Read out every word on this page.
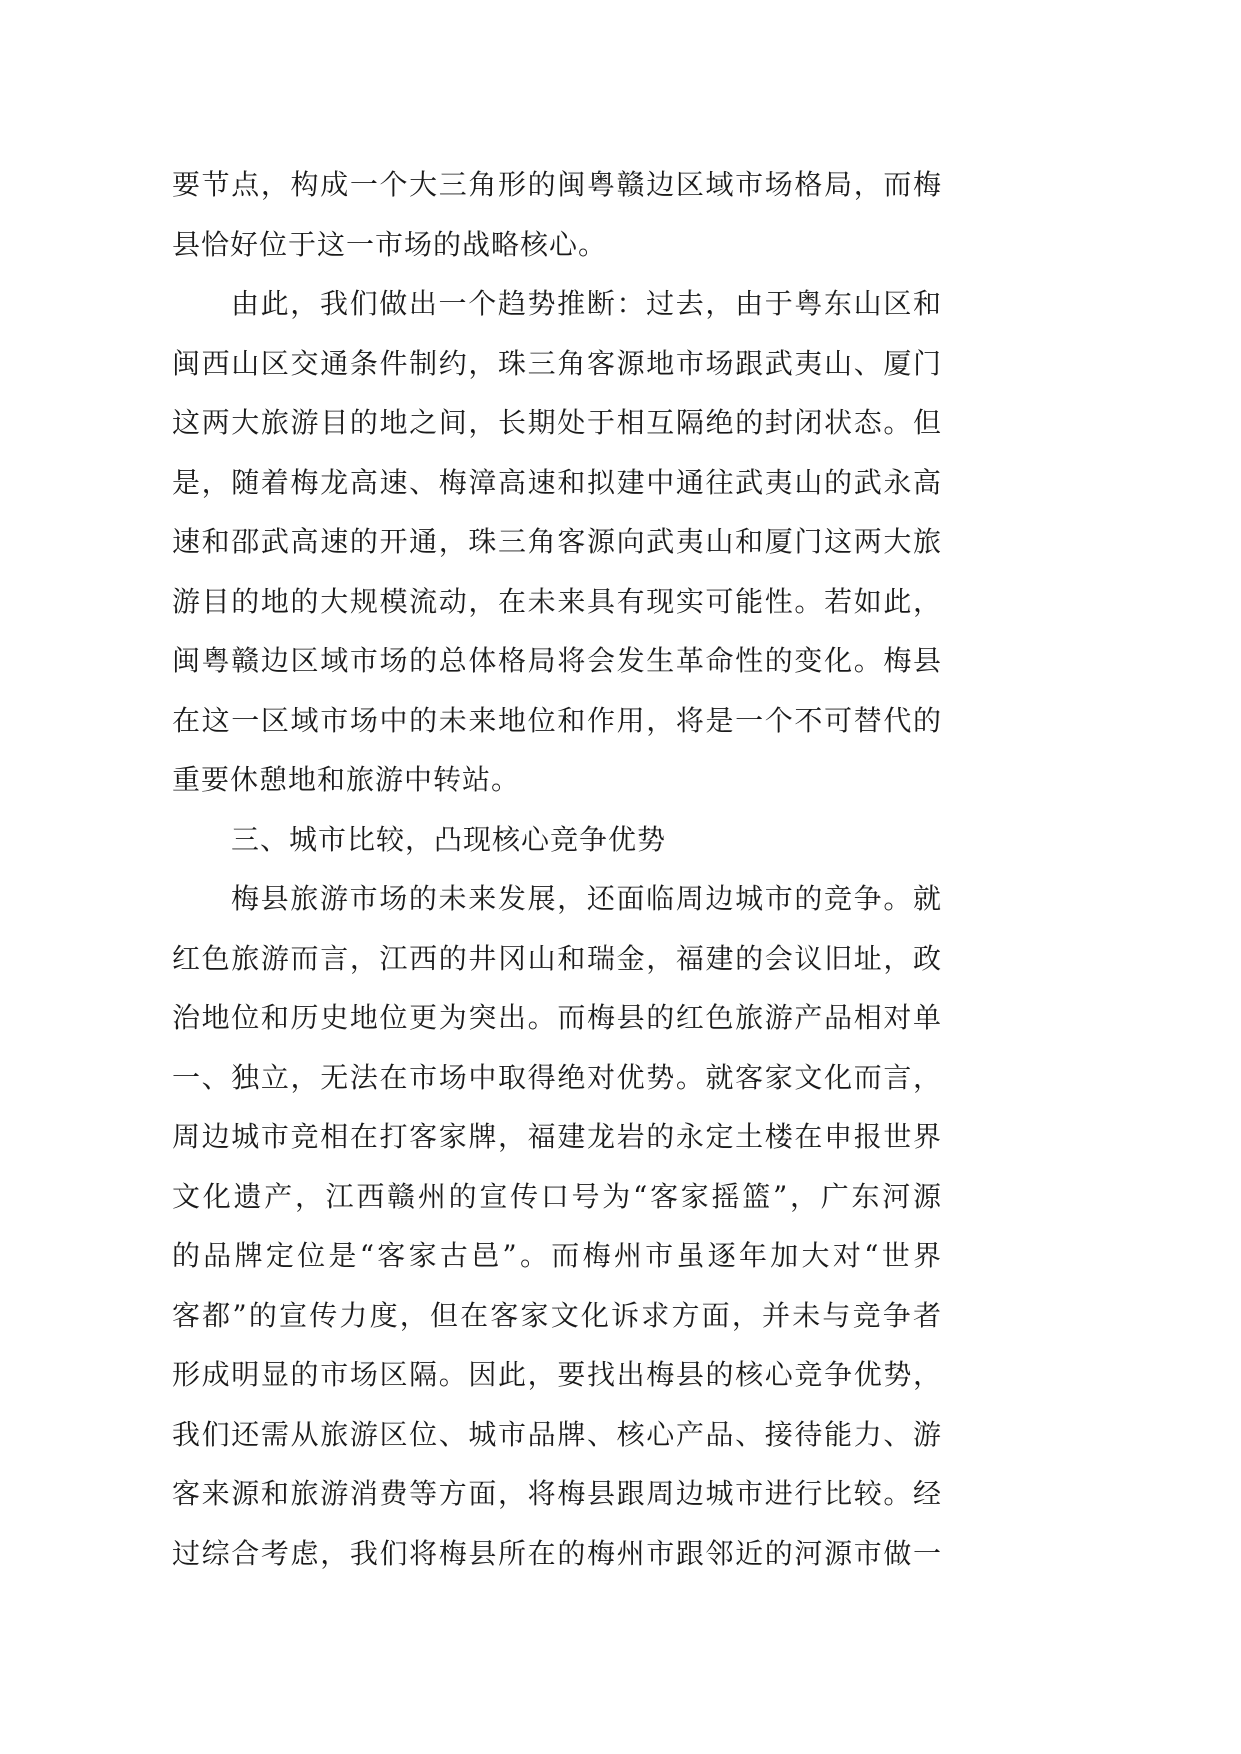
要节点，构成一个大三角形的闽粤赣边区域市场格局，而梅
县恰好位于这一市场的战略核心。
由此，我们做出一个趋势推断：过去，由于粤东山区和
闽西山区交通条件制约，珠三角客源地市场跟武夷山、厦门
这两大旅游目的地之间，长期处于相互隔绝的封闭状态。但
是，随着梅龙高速、梅漳高速和拟建中通往武夷山的武永高
速和邵武高速的开通，珠三角客源向武夷山和厦门这两大旅
游目的地的大规模流动，在未来具有现实可能性。若如此，
闽粤赣边区域市场的总体格局将会发生革命性的变化。梅县
在这一区域市场中的未来地位和作用，将是一个不可替代的
重要休憩地和旅游中转站。
三、城市比较，凸现核心竞争优势
梅县旅游市场的未来发展，还面临周边城市的竞争。就
红色旅游而言，江西的井冈山和瑞金，福建的会议旧址，政
治地位和历史地位更为突出。而梅县的红色旅游产品相对单
一、独立，无法在市场中取得绝对优势。就客家文化而言，
周边城市竞相在打客家牌，福建龙岩的永定土楼在申报世界
文化遗产，江西赣州的宣传口号为“客家摇篮”，广东河源
的品牌定位是“客家古邑”。而梅州市虽逐年加大对“世界
客都”的宣传力度，但在客家文化诉求方面，并未与竞争者
形成明显的市场区隔。因此，要找出梅县的核心竞争优势，
我们还需从旅游区位、城市品牌、核心产品、接待能力、游
客来源和旅游消费等方面，将梅县跟周边城市进行比较。经
过综合考虑，我们将梅县所在的梅州市跟邻近的河源市做一
